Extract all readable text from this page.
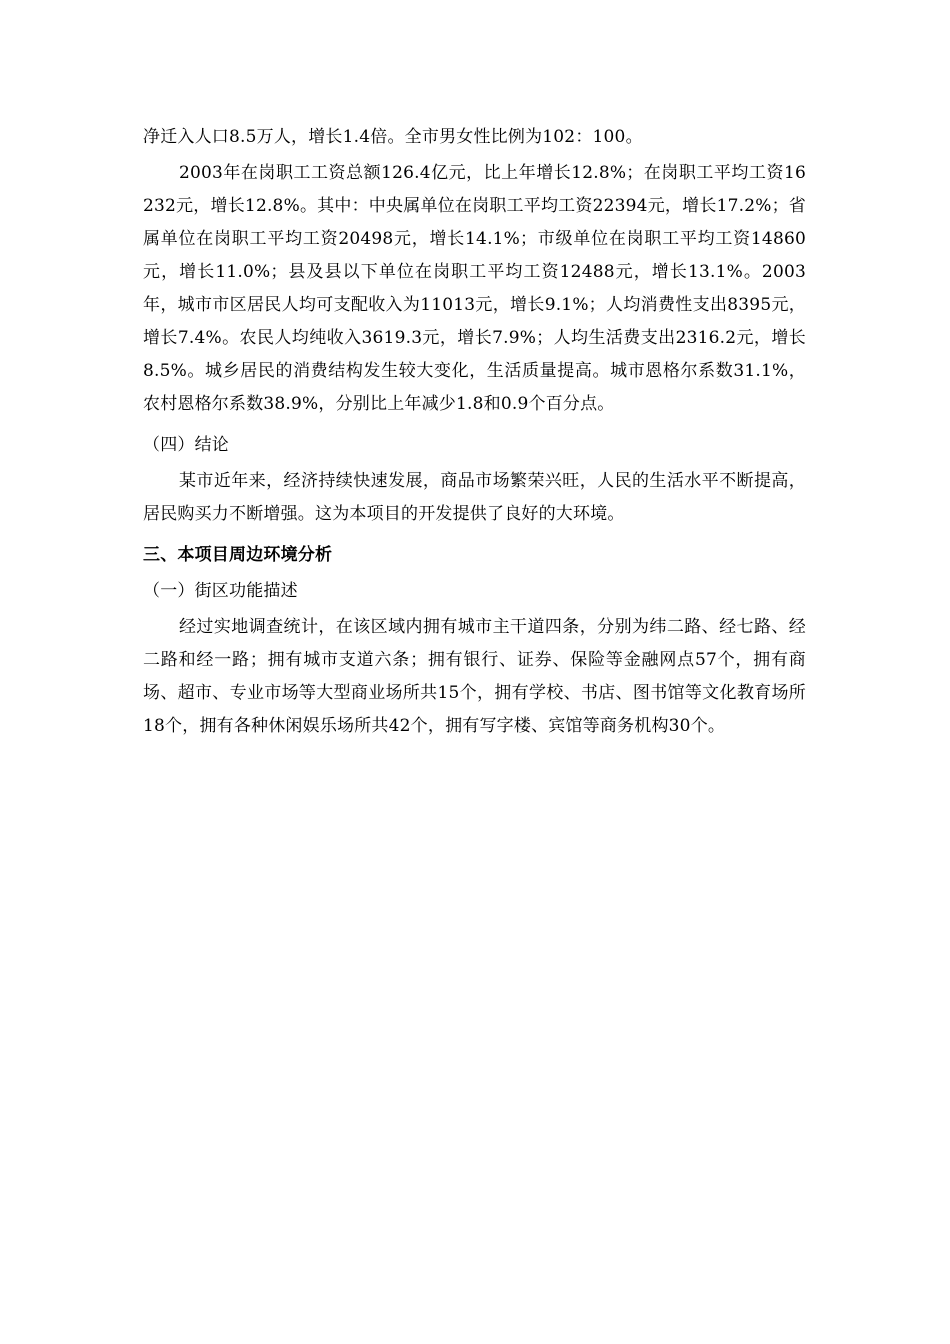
净迁入人口8.5万人，增长1.4倍。全市男女性比例为102：100。

2003年在岗职工工资总额126.4亿元，比上年增长12.8%；在岗职工平均工资16232元，增长12.8%。其中：中央属单位在岗职工平均工资22394元，增长17.2%；省属单位在岗职工平均工资20498元，增长14.1%；市级单位在岗职工平均工资14860元，增长11.0%；县及县以下单位在岗职工平均工资12488元，增长13.1%。2003年，城市市区居民人均可支配收入为11013元，增长9.1%；人均消费性支出8395元，增长7.4%。农民人均纯收入3619.3元，增长7.9%；人均生活费支出2316.2元，增长8.5%。城乡居民的消费结构发生较大变化，生活质量提高。城市恩格尔系数31.1%，农村恩格尔系数38.9%，分别比上年减少1.8和0.9个百分点。

（四）结论

某市近年来，经济持续快速发展，商品市场繁荣兴旺，人民的生活水平不断提高，居民购买力不断增强。这为本项目的开发提供了良好的大环境。

三、本项目周边环境分析

（一）街区功能描述

经过实地调查统计，在该区域内拥有城市主干道四条，分别为纬二路、经七路、经二路和经一路；拥有城市支道六条；拥有银行、证券、保险等金融网点57个，拥有商场、超市、专业市场等大型商业场所共15个，拥有学校、书店、图书馆等文化教育场所18个，拥有各种休闲娱乐场所共42个，拥有写字楼、宾馆等商务机构30个。
